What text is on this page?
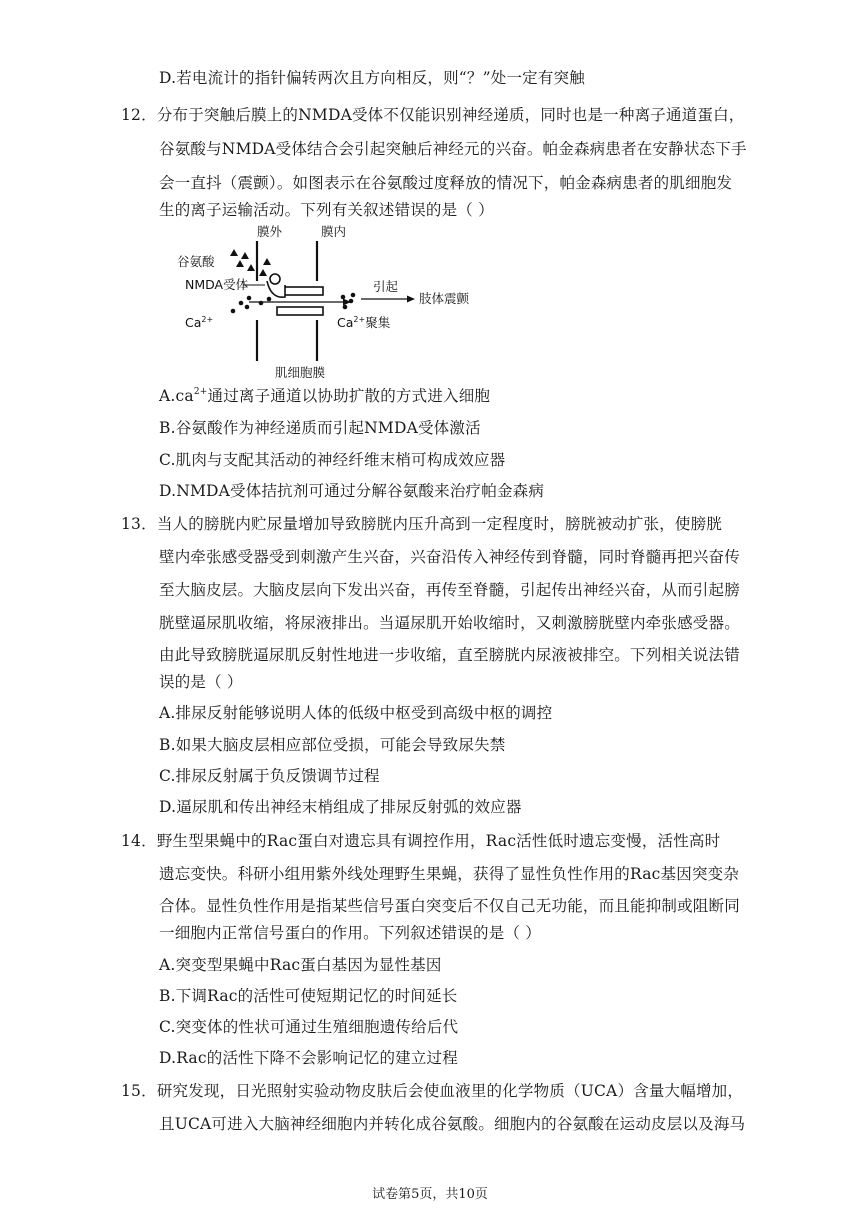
D.若电流计的指针偏转两次且方向相反，则“？”处一定有突触
12．分布于突触后膜上的NMDA受体不仅能识别神经递质，同时也是一种离子通道蛋白，
谷氨酸与NMDA受体结合会引起突触后神经元的兴奋。帕金森病患者在安静状态下手
会一直抖（震颤）。如图表示在谷氨酸过度释放的情况下，帕金森病患者的肌细胞发
生的离子运输活动。下列有关叙述错误的是（ ）
膜外	膜内
谷氨酸
NMDA受体
$Ca^{2+}$	$Ca^{2+}$聚集
引起
肢体震颤
肌细胞膜
$A.ca^{2+}$通过离子通道以协助扩散的方式进入细胞
B.谷氨酸作为神经递质而引起NMDA受体激活
C.肌肉与支配其活动的神经纤维末梢可构成效应器
D.NMDA受体拮抗剂可通过分解谷氨酸来治疗帕金森病
13．当人的膀胱内贮尿量增加导致膀胱内压升高到一定程度时，膀胱被动扩张，使膀胱
壁内牵张感受器受到刺激产生兴奋，兴奋沿传入神经传到脊髓，同时脊髓再把兴奋传
至大脑皮层。大脑皮层向下发出兴奋，再传至脊髓，引起传出神经兴奋，从而引起膀
胱壁逼尿肌收缩，将尿液排出。当逼尿肌开始收缩时，又刺激膀胱壁内牵张感受器。
由此导致膀胱逼尿肌反射性地进一步收缩，直至膀胱内尿液被排空。下列相关说法错
误的是（ ）
A.排尿反射能够说明人体的低级中枢受到高级中枢的调控
B.如果大脑皮层相应部位受损，可能会导致尿失禁
C.排尿反射属于负反馈调节过程
D.逼尿肌和传出神经末梢组成了排尿反射弧的效应器
14．野生型果蝇中的Rac蛋白对遗忘具有调控作用，Rac活性低时遗忘变慢，活性高时
遗忘变快。科研小组用紫外线处理野生果蝇，获得了显性负性作用的Rac基因突变杂
合体。显性负性作用是指某些信号蛋白突变后不仅自己无功能，而且能抑制或阻断同
一细胞内正常信号蛋白的作用。下列叙述错误的是（ ）
A.突变型果蝇中Rac蛋白基因为显性基因
B.下调Rac的活性可使短期记忆的时间延长
C.突变体的性状可通过生殖细胞遗传给后代
D.Rac的活性下降不会影响记忆的建立过程
15．研究发现，日光照射实验动物皮肤后会使血液里的化学物质（UCA）含量大幅增加，
且UCA可进入大脑神经细胞内并转化成谷氨酸。细胞内的谷氨酸在运动皮层以及海马
试卷第5页，共10页
